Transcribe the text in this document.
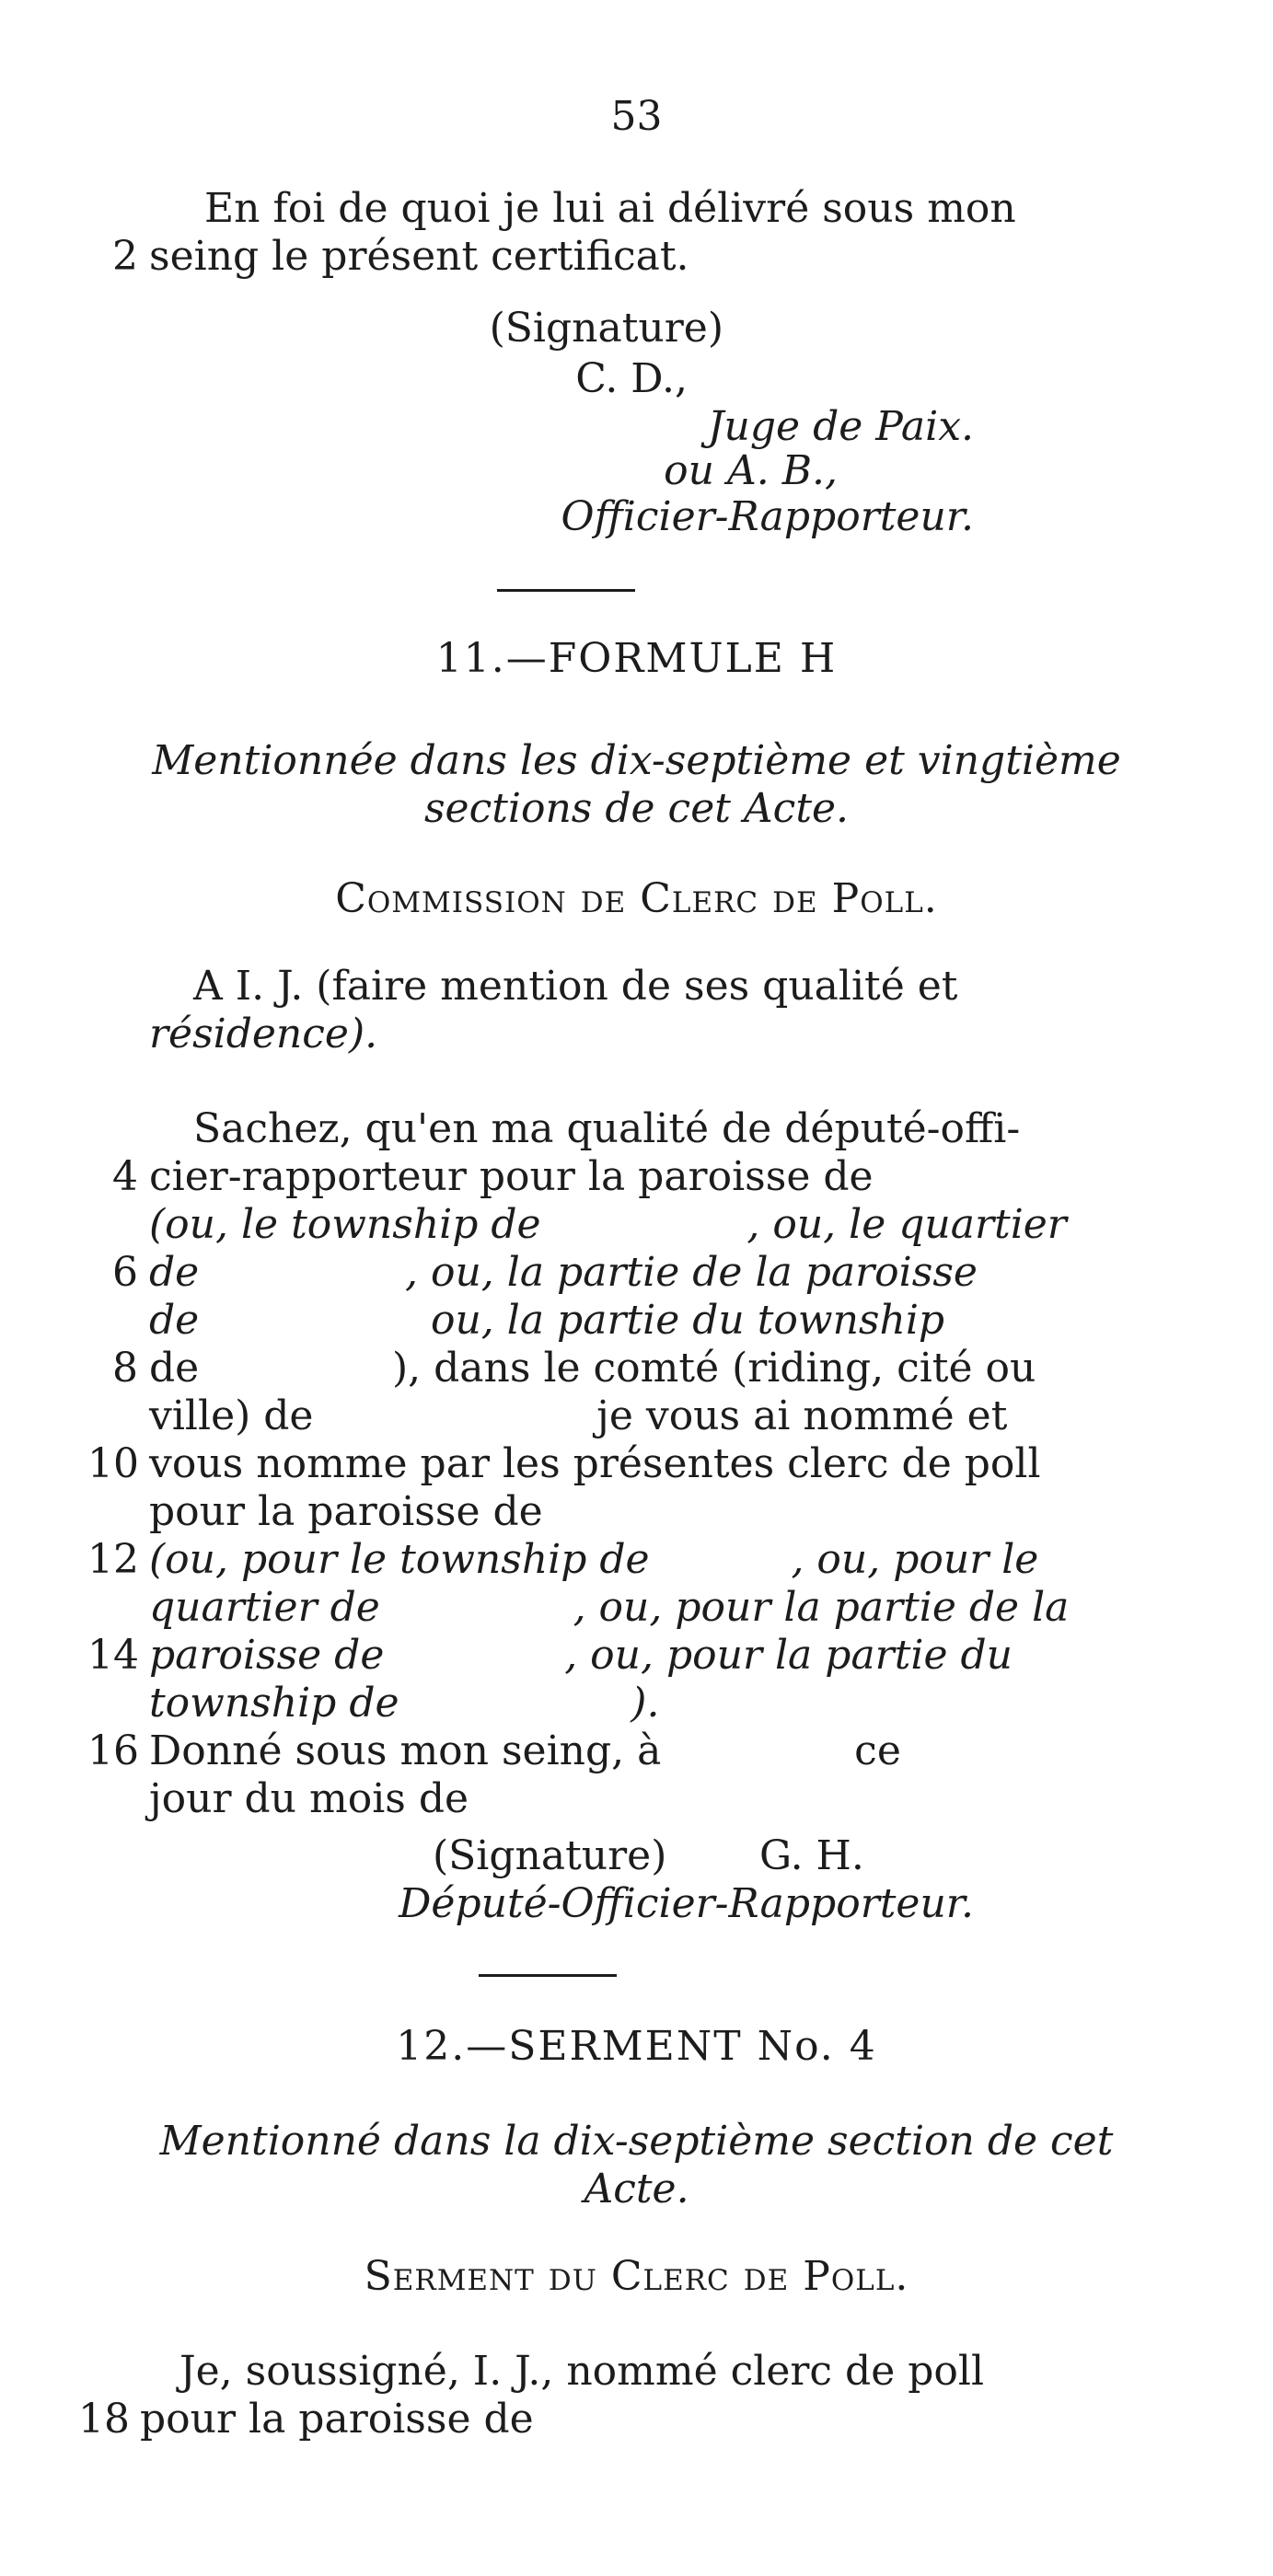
53
En foi de quoi je lui ai délivré sous mon
2 seing le présent certificat.
(Signature)
C. D.,
Juge de Paix.
ou A. B.,
Officier-Rapporteur.
11.—FORMULE H
Mentionnée dans les dix-septième et vingtième
sections de cet Acte.
Commission de Clerc de Poll.
A I. J. (faire mention de ses qualité et
résidence).
Sachez, qu'en ma qualité de député-offi-
4 cier-rapporteur pour la paroisse de
(ou, le township de                , ou, le quartier
6 de                , ou, la partie de la paroisse
de                  ou, la partie du township
8 de               ), dans le comté (riding, cité ou
ville) de                      je vous ai nommé et
10 vous nomme par les présentes clerc de poll
pour la paroisse de
12 (ou, pour le township de           , ou, pour le
quartier de               , ou, pour la partie de la
14 paroisse de              , ou, pour la partie du
township de                  ).
16 Donné sous mon seing, à               ce
jour du mois de
(Signature) G. H.
Député-Officier-Rapporteur.
12.—SERMENT No. 4
Mentionné dans la dix-septième section de cet
Acte.
Serment du Clerc de Poll.
Je, soussigné, I. J., nommé clerc de poll
18 pour la paroisse de
